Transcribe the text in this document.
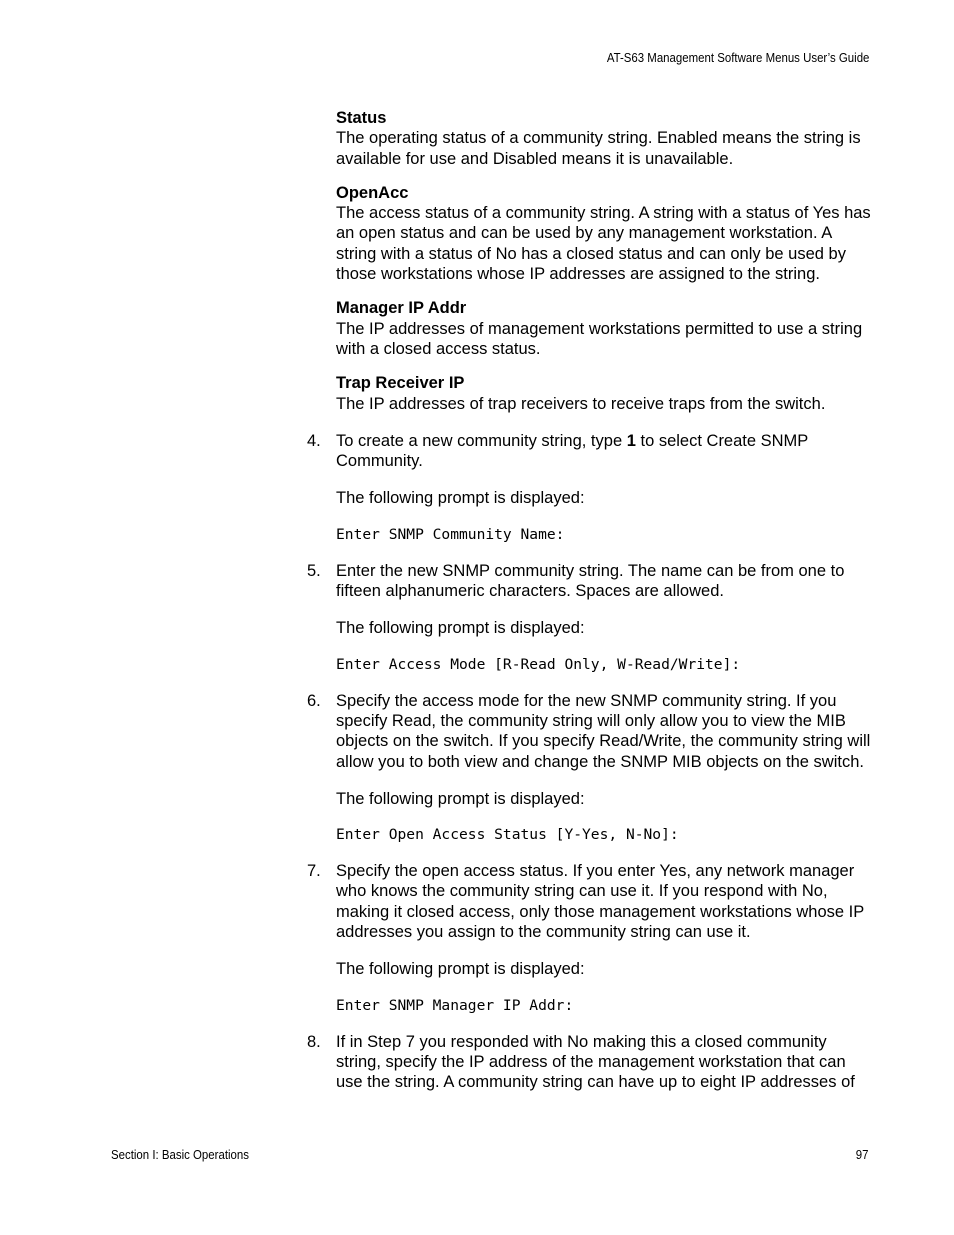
AT-S63 Management Software Menus User’s Guide
Status

The operating status of a community string. Enabled means the string is available for use and Disabled means it is unavailable.

OpenAcc

The access status of a community string. A string with a status of Yes has an open status and can be used by any management workstation. A string with a status of No has a closed status and can only be used by those workstations whose IP addresses are assigned to the string.

Manager IP Addr

The IP addresses of management workstations permitted to use a string with a closed access status.

Trap Receiver IP

The IP addresses of trap receivers to receive traps from the switch.

4. To create a new community string, type 1 to select Create SNMP Community.

The following prompt is displayed:

Enter SNMP Community Name:
5. Enter the new SNMP community string. The name can be from one to fifteen alphanumeric characters. Spaces are allowed.

The following prompt is displayed:

Enter Access Mode [R-Read Only, W-Read/Write]:
6. Specify the access mode for the new SNMP community string. If you specify Read, the community string will only allow you to view the MIB objects on the switch. If you specify Read/Write, the community string will allow you to both view and change the SNMP MIB objects on the switch.

The following prompt is displayed:

Enter Open Access Status [Y-Yes, N-No]:
7. Specify the open access status. If you enter Yes, any network manager who knows the community string can use it. If you respond with No, making it closed access, only those management workstations whose IP addresses you assign to the community string can use it.

The following prompt is displayed:

Enter SNMP Manager IP Addr:
8. If in Step 7 you responded with No making this a closed community string, specify the IP address of the management workstation that can use the string. A community string can have up to eight IP addresses of

Section I: Basic Operations	97
